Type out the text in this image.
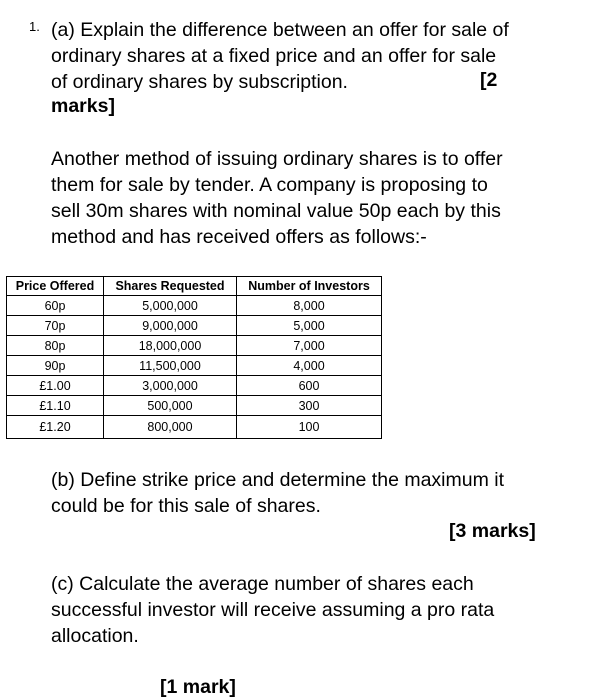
1. (a) Explain the difference between an offer for sale of
ordinary shares at a fixed price and an offer for sale
of ordinary shares by subscription.	[2
marks]

Another method of issuing ordinary shares is to offer
them for sale by tender. A company is proposing to
sell 30m shares with nominal value 50p each by this
method and has received offers as follows:-

Price Offered	Shares Requested	Number of Investors
60p	5,000,000	8,000
70p	9,000,000	5,000
80p	18,000,000	7,000
90p	11,500,000	4,000
£1.00	3,000,000	600
£1.10	500,000	300
£1.20	800,000	100

(b) Define strike price and determine the maximum it
could be for this sale of shares.

[3 marks]

(c) Calculate the average number of shares each
successful investor will receive assuming a pro rata
allocation.

[1 mark]
